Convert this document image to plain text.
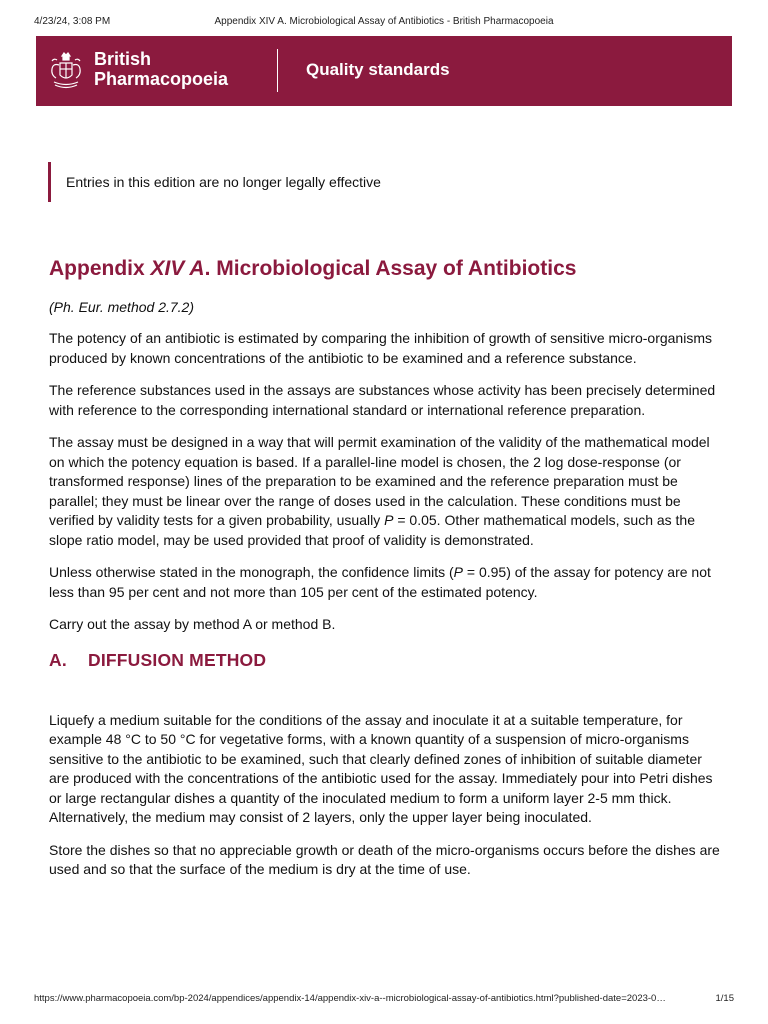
4/23/24, 3:08 PM	Appendix XIV A. Microbiological Assay of Antibiotics - British Pharmacopoeia
British
Pharmacopoeia	Quality standards
Entries in this edition are no longer legally effective
Appendix XIV A. Microbiological Assay of Antibiotics
(Ph. Eur. method 2.7.2)

The potency of an antibiotic is estimated by comparing the inhibition of growth of sensitive micro-organisms produced by known concentrations of the antibiotic to be examined and a reference substance.

The reference substances used in the assays are substances whose activity has been precisely determined with reference to the corresponding international standard or international reference preparation.

The assay must be designed in a way that will permit examination of the validity of the mathematical model on which the potency equation is based. If a parallel-line model is chosen, the 2 log dose-response (or transformed response) lines of the preparation to be examined and the reference preparation must be parallel; they must be linear over the range of doses used in the calculation. These conditions must be verified by validity tests for a given probability, usually P = 0.05. Other mathematical models, such as the slope ratio model, may be used provided that proof of validity is demonstrated.

Unless otherwise stated in the monograph, the confidence limits (P = 0.95) of the assay for potency are not less than 95 per cent and not more than 105 per cent of the estimated potency.

Carry out the assay by method A or method B.

A. DIFFUSION METHOD

Liquefy a medium suitable for the conditions of the assay and inoculate it at a suitable temperature, for example 48 °C to 50 °C for vegetative forms, with a known quantity of a suspension of micro-organisms sensitive to the antibiotic to be examined, such that clearly defined zones of inhibition of suitable diameter are produced with the concentrations of the antibiotic used for the assay. Immediately pour into Petri dishes or large rectangular dishes a quantity of the inoculated medium to form a uniform layer 2-5 mm thick. Alternatively, the medium may consist of 2 layers, only the upper layer being inoculated.

Store the dishes so that no appreciable growth or death of the micro-organisms occurs before the dishes are used and so that the surface of the medium is dry at the time of use.

https://www.pharmacopoeia.com/bp-2024/appendices/appendix-14/appendix-xiv-a--microbiological-assay-of-antibiotics.html?published-date=2023-0…	1/15
